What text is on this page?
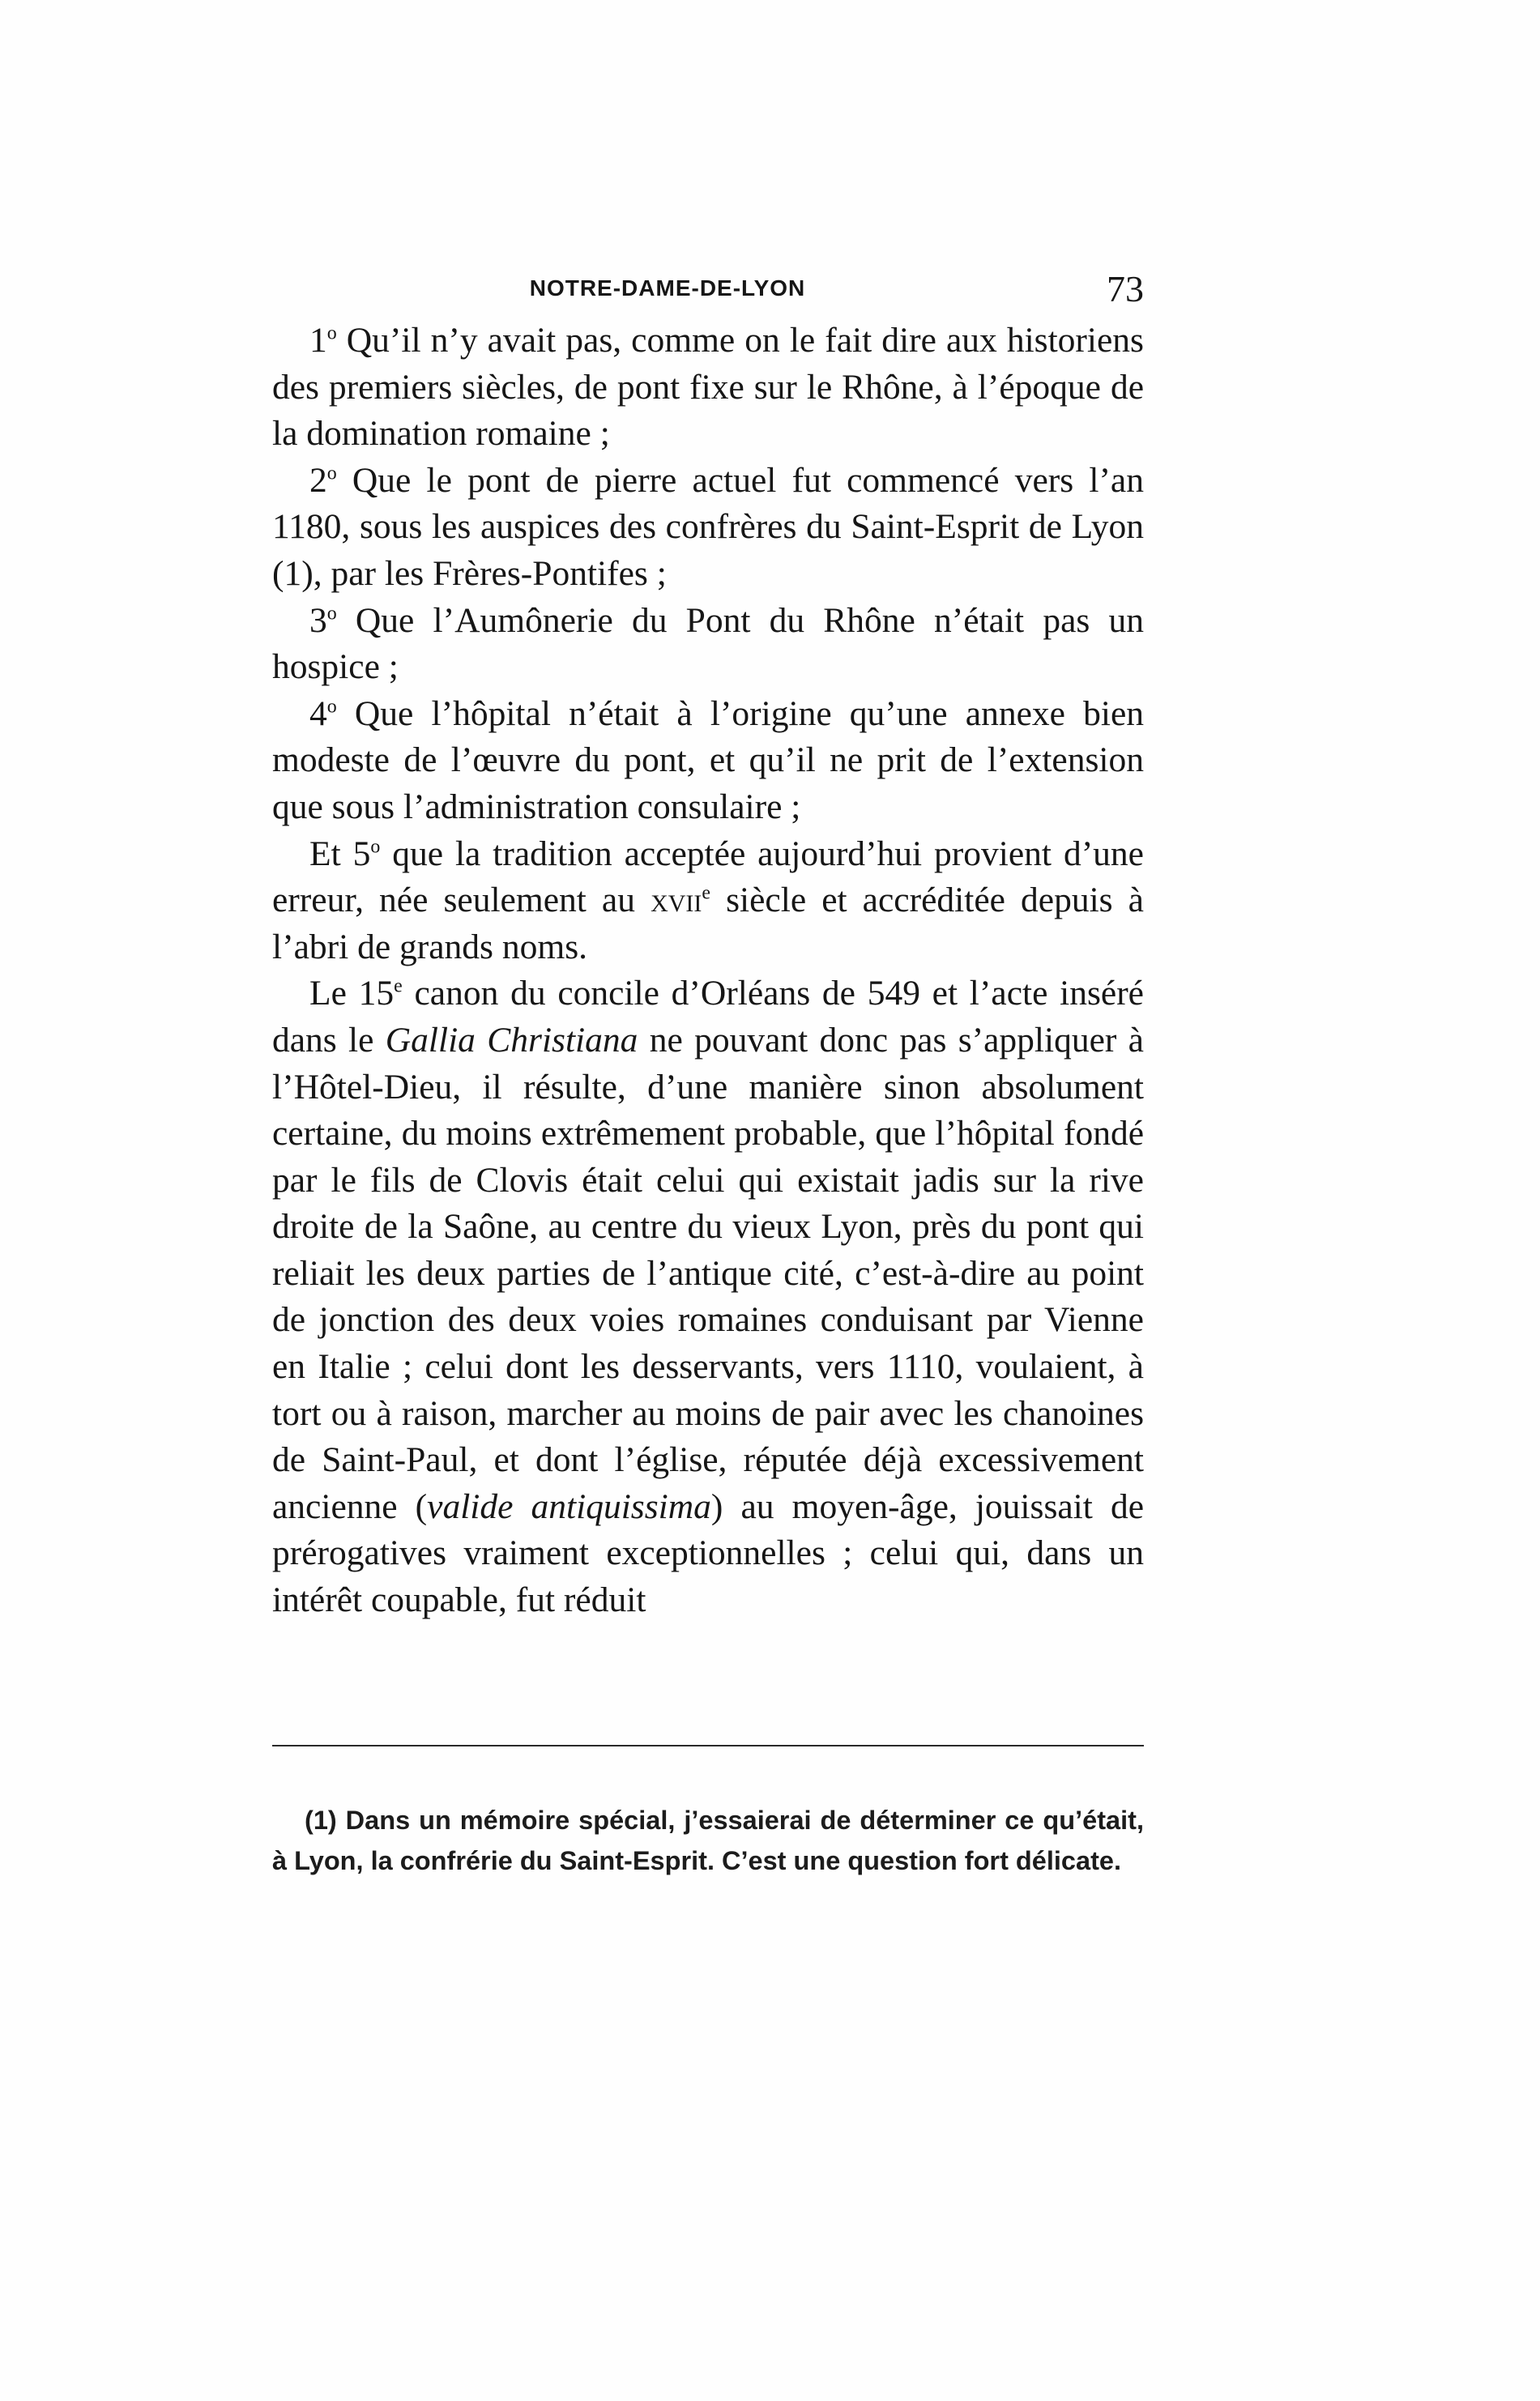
NOTRE-DAME-DE-LYON	73

1$^o$ Qu’il n’y avait pas, comme on le fait dire aux historiens des premiers siècles, de pont fixe sur le Rhône, à l’époque de la domination romaine ;

2$^o$ Que le pont de pierre actuel fut commencé vers l’an 1180, sous les auspices des confrères du Saint-Esprit de Lyon (1), par les Frères-Pontifes ;

3$^o$ Que l’Aumônerie du Pont du Rhône n’était pas un hospice ;

4$^o$ Que l’hôpital n’était à l’origine qu’une annexe bien modeste de l’œuvre du pont, et qu’il ne prit de l’extension que sous l’administration consulaire ;

Et 5$^o$ que la tradition acceptée aujourd’hui provient d’une erreur, née seulement au xvii$^e$ siècle et accréditée depuis à l’abri de grands noms.

Le 15e canon du concile d’Orléans de 549 et l’acte inséré dans le Gallia Christiana ne pouvant donc pas s’appliquer à l’Hôtel-Dieu, il résulte, d’une manière sinon absolument certaine, du moins extrêmement probable, que l’hôpital fondé par le fils de Clovis était celui qui existait jadis sur la rive droite de la Saône, au centre du vieux Lyon, près du pont qui reliait les deux parties de l’antique cité, c’est-à-dire au point de jonction des deux voies romaines conduisant par Vienne en Italie ; celui dont les desservants, vers 1110, voulaient, à tort ou à raison, marcher au moins de pair avec les chanoines de Saint-Paul, et dont l’église, réputée déjà excessivement ancienne (valide antiquissima) au moyen-âge, jouissait de prérogatives vraiment exceptionnelles ; celui qui, dans un intérêt coupable, fut réduit

(1) Dans un mémoire spécial, j’essaierai de déterminer ce qu’était, à Lyon, la confrérie du Saint-Esprit. C’est une question fort délicate.
